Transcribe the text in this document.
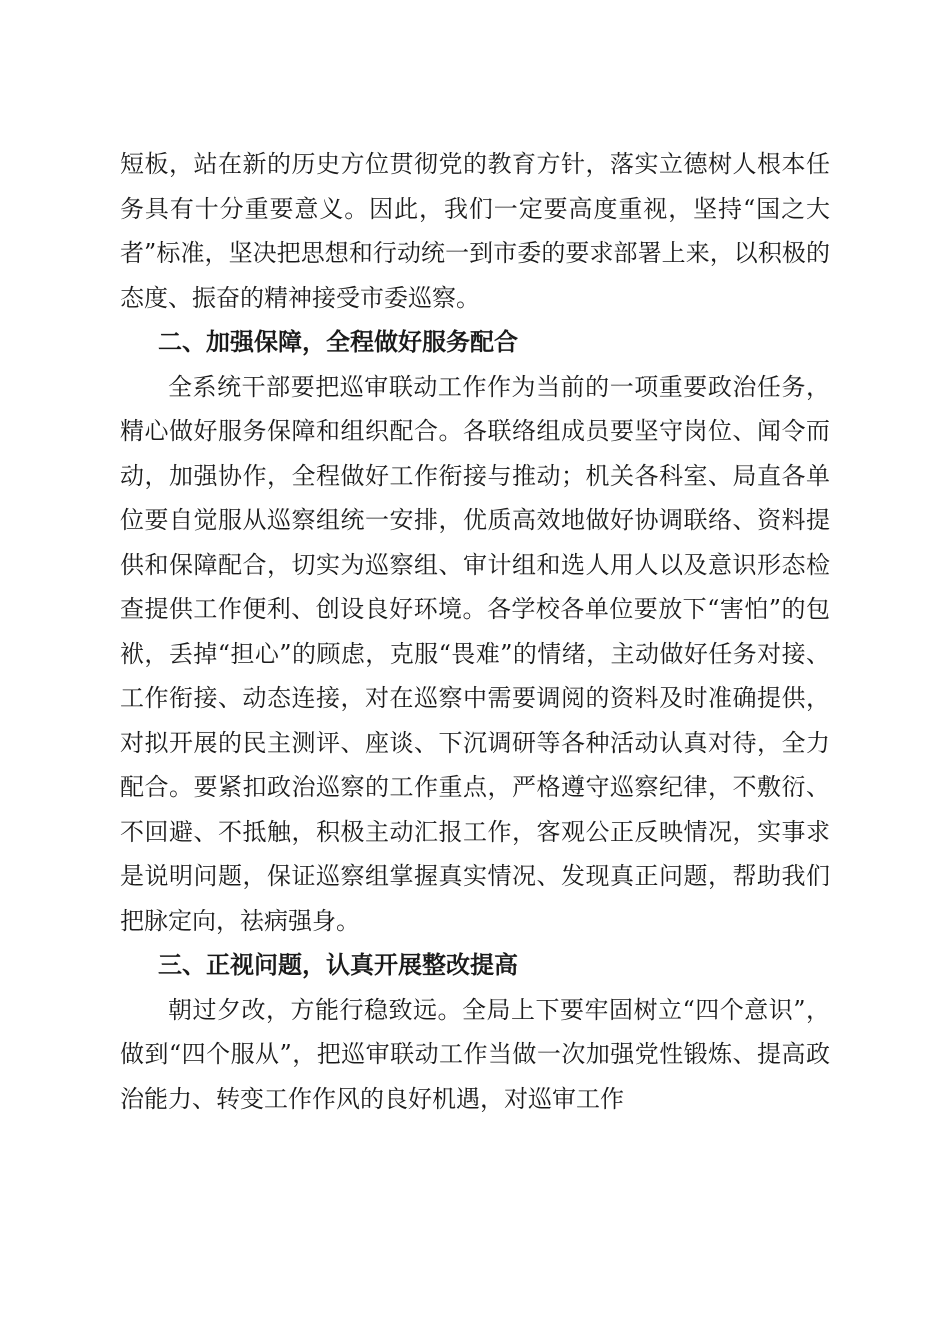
短板，站在新的历史方位贯彻党的教育方针，落实立德树人根本任务具有十分重要意义。因此，我们一定要高度重视，坚持“国之大者”标准，坚决把思想和行动统一到市委的要求部署上来，以积极的态度、振奋的精神接受市委巡察。

二、加强保障，全程做好服务配合

全系统干部要把巡审联动工作作为当前的一项重要政治任务，精心做好服务保障和组织配合。各联络组成员要坚守岗位、闻令而动，加强协作，全程做好工作衔接与推动；机关各科室、局直各单位要自觉服从巡察组统一安排，优质高效地做好协调联络、资料提供和保障配合，切实为巡察组、审计组和选人用人以及意识形态检查提供工作便利、创设良好环境。各学校各单位要放下“害怕”的包袱，丢掉“担心”的顾虑，克服“畏难”的情绪，主动做好任务对接、工作衔接、动态连接，对在巡察中需要调阅的资料及时准确提供，对拟开展的民主测评、座谈、下沉调研等各种活动认真对待，全力配合。要紧扣政治巡察的工作重点，严格遵守巡察纪律，不敷衍、不回避、不抵触，积极主动汇报工作，客观公正反映情况，实事求是说明问题，保证巡察组掌握真实情况、发现真正问题，帮助我们把脉定向，祛病强身。

三、正视问题，认真开展整改提高

朝过夕改，方能行稳致远。全局上下要牢固树立“四个意识”，做到“四个服从”，把巡审联动工作当做一次加强党性锻炼、提高政治能力、转变工作作风的良好机遇，对巡审工作
